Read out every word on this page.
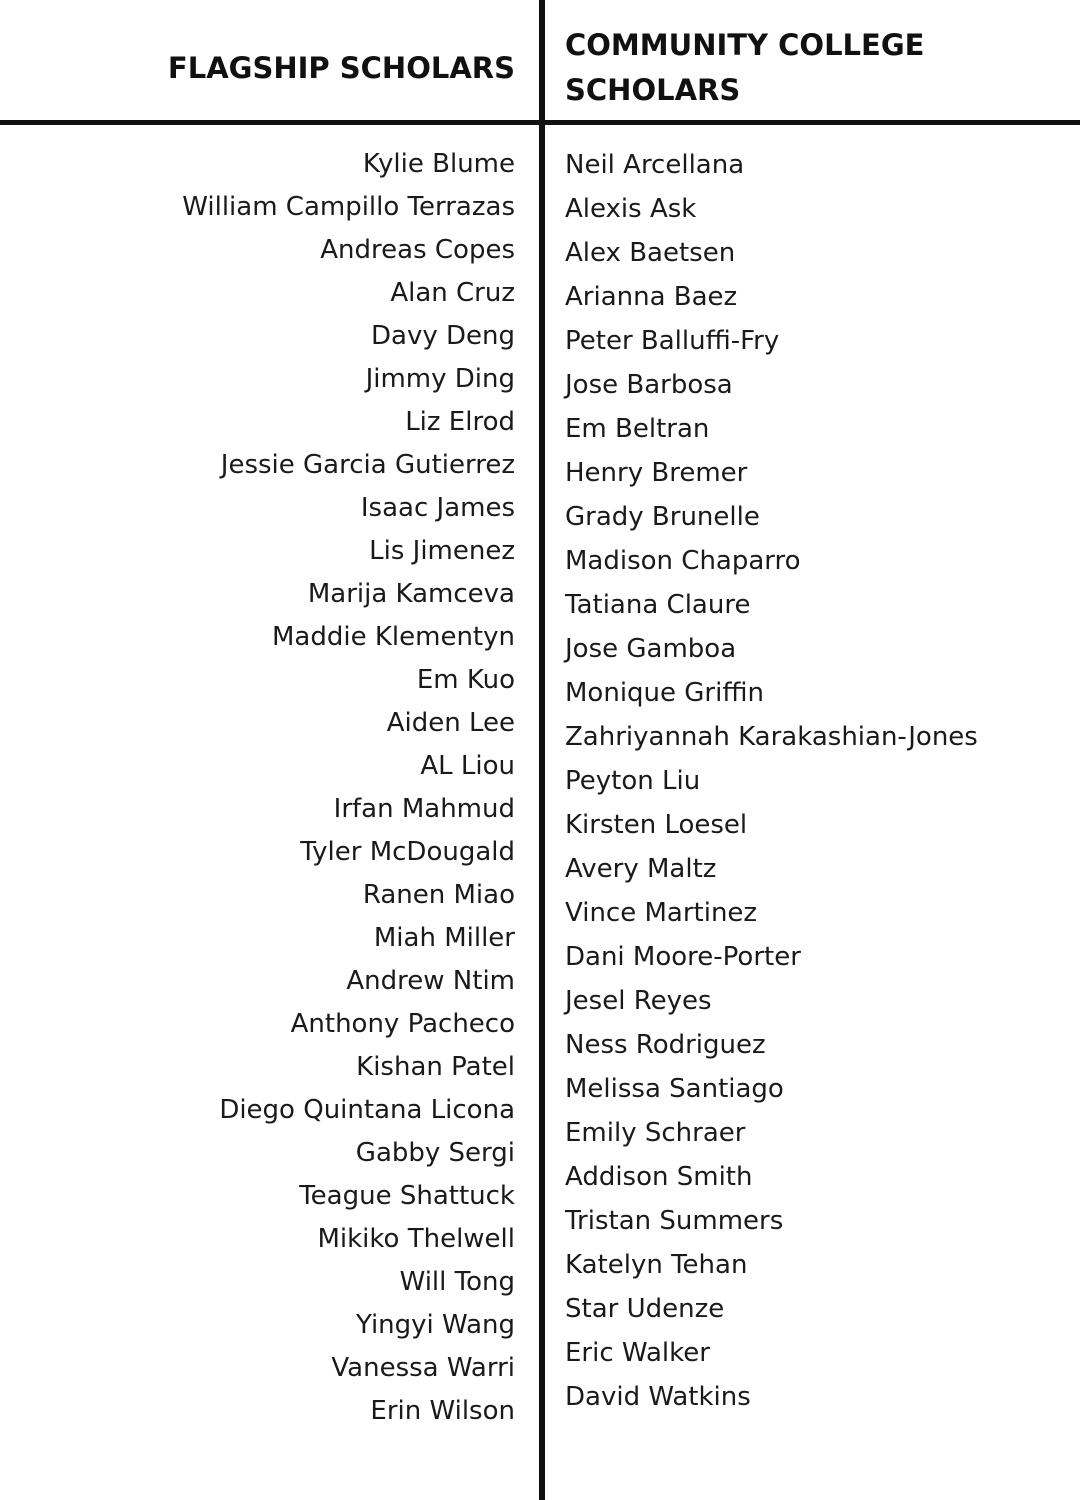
FLAGSHIP SCHOLARS
COMMUNITY COLLEGE SCHOLARS
Kylie Blume
William Campillo Terrazas
Andreas Copes
Alan Cruz
Davy Deng
Jimmy Ding
Liz Elrod
Jessie Garcia Gutierrez
Isaac James
Lis Jimenez
Marija Kamceva
Maddie Klementyn
Em Kuo
Aiden Lee
AL Liou
Irfan Mahmud
Tyler McDougald
Ranen Miao
Miah Miller
Andrew Ntim
Anthony Pacheco
Kishan Patel
Diego Quintana Licona
Gabby Sergi
Teague Shattuck
Mikiko Thelwell
Will Tong
Yingyi Wang
Vanessa Warri
Erin Wilson
Neil Arcellana
Alexis Ask
Alex Baetsen
Arianna Baez
Peter Balluffi-Fry
Jose Barbosa
Em Beltran
Henry Bremer
Grady Brunelle
Madison Chaparro
Tatiana Claure
Jose Gamboa
Monique Griffin
Zahriyannah Karakashian-Jones
Peyton Liu
Kirsten Loesel
Avery Maltz
Vince Martinez
Dani Moore-Porter
Jesel Reyes
Ness Rodriguez
Melissa Santiago
Emily Schraer
Addison Smith
Tristan Summers
Katelyn Tehan
Star Udenze
Eric Walker
David Watkins
